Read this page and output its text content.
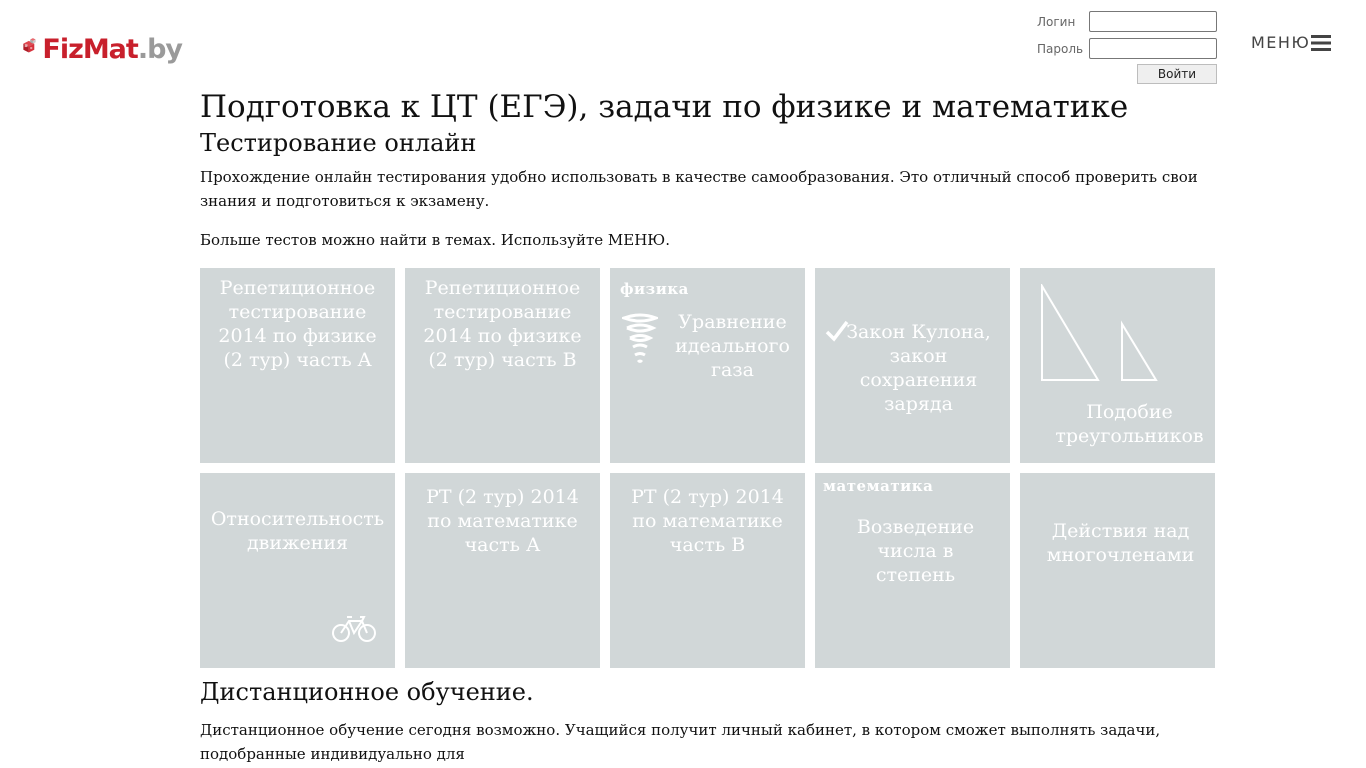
FizMat.by
Логин
Пароль
Войти
МЕНЮ
Подготовка к ЦТ (ЕГЭ), задачи по физике и математике
Тестирование онлайн

Прохождение онлайн тестирования удобно использовать в качестве самообразования. Это отличный способ проверить свои знания и подготовиться к экзамену.

Больше тестов можно найти в темах. Используйте МЕНЮ.

Репетиционное тестирование 2014 по физике (2 тур) часть A
Репетиционное тестирование 2014 по физике (2 тур) часть B
физика
Уравнение идеального газа
Закон Кулона, закон сохранения заряда	Подобие треугольников
Относительность движения
РТ (2 тур) 2014 по математике часть А
РТ (2 тур) 2014 по математике часть B
математика
Возведение числа в степень
Действия над многочленами
Дистанционное обучение.

Дистанционное обучение сегодня возможно. Учащийся получит личный кабинет, в котором сможет выполнять задачи, подобранные индивидуально для
